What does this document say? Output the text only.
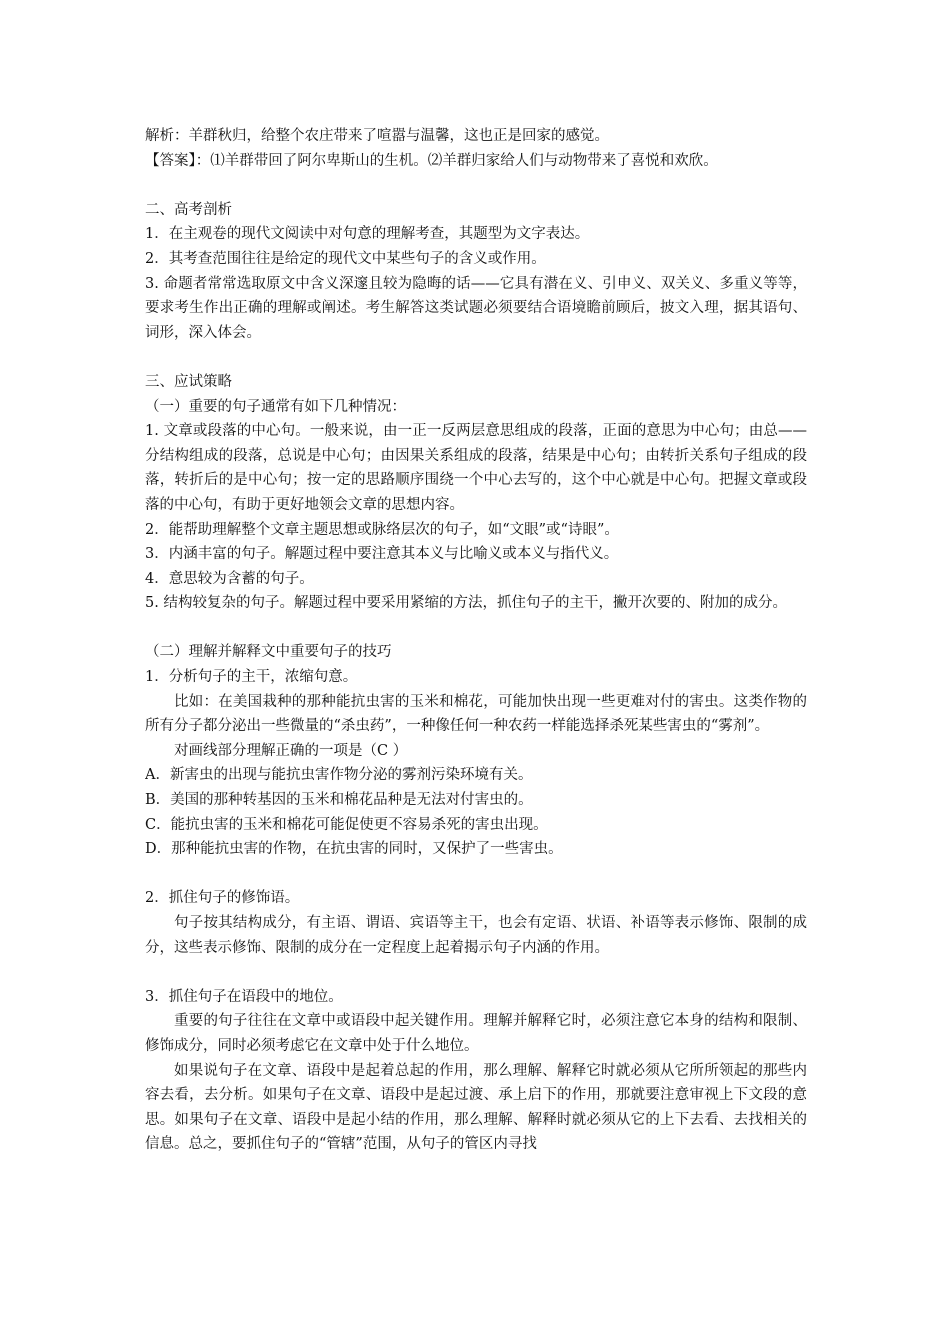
解析：羊群秋归，给整个农庄带来了喧嚣与温馨，这也正是回家的感觉。
【答案】：⑴羊群带回了阿尔卑斯山的生机。⑵羊群归家给人们与动物带来了喜悦和欢欣。
二、高考剖析
1．在主观卷的现代文阅读中对句意的理解考查，其题型为文字表达。
2．其考查范围往往是给定的现代文中某些句子的含义或作用。
3. 命题者常常选取原文中含义深邃且较为隐晦的话——它具有潜在义、引申义、双关义、多重义等等，要求考生作出正确的理解或阐述。考生解答这类试题必须要结合语境瞻前顾后，披文入理，据其语句、词形，深入体会。
三、应试策略
（一）重要的句子通常有如下几种情况：
1. 文章或段落的中心句。一般来说，由一正一反两层意思组成的段落，正面的意思为中心句；由总——分结构组成的段落，总说是中心句；由因果关系组成的段落，结果是中心句；由转折关系句子组成的段落，转折后的是中心句；按一定的思路顺序围绕一个中心去写的，这个中心就是中心句。把握文章或段落的中心句，有助于更好地领会文章的思想内容。
2．能帮助理解整个文章主题思想或脉络层次的句子，如“文眼”或“诗眼”。
3．内涵丰富的句子。解题过程中要注意其本义与比喻义或本义与指代义。
4．意思较为含蓄的句子。
5. 结构较复杂的句子。解题过程中要采用紧缩的方法，抓住句子的主干，撇开次要的、附加的成分。
（二）理解并解释文中重要句子的技巧
1．分析句子的主干，浓缩句意。
比如：在美国栽种的那种能抗虫害的玉米和棉花，可能加快出现一些更难对付的害虫。这类作物的所有分子都分泌出一些微量的“杀虫药”，一种像任何一种农药一样能选择杀死某些害虫的“雾剂”。
对画线部分理解正确的一项是（C ）
A．新害虫的出现与能抗虫害作物分泌的雾剂污染环境有关。
B．美国的那种转基因的玉米和棉花品种是无法对付害虫的。
C．能抗虫害的玉米和棉花可能促使更不容易杀死的害虫出现。
D．那种能抗虫害的作物，在抗虫害的同时，又保护了一些害虫。
2．抓住句子的修饰语。
句子按其结构成分，有主语、谓语、宾语等主干，也会有定语、状语、补语等表示修饰、限制的成分，这些表示修饰、限制的成分在一定程度上起着揭示句子内涵的作用。
3．抓住句子在语段中的地位。
重要的句子往往在文章中或语段中起关键作用。理解并解释它时，必须注意它本身的结构和限制、修饰成分，同时必须考虑它在文章中处于什么地位。
如果说句子在文章、语段中是起着总起的作用，那么理解、解释它时就必须从它所所领起的那些内容去看，去分析。如果句子在文章、语段中是起过渡、承上启下的作用，那就要注意审视上下文段的意思。如果句子在文章、语段中是起小结的作用，那么理解、解释时就必须从它的上下去看、去找相关的信息。总之，要抓住句子的“管辖”范围，从句子的管区内寻找
